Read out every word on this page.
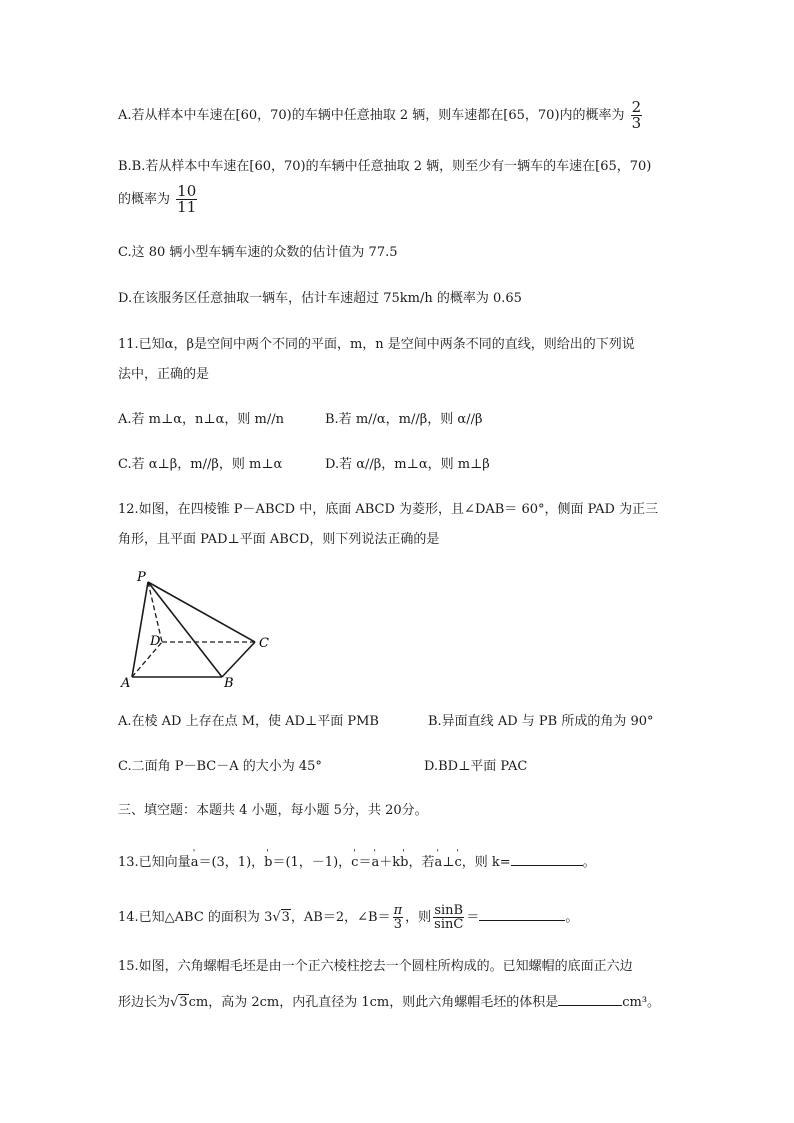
A.若从样本中车速在[60，70)的车辆中任意抽取 2 辆，则车速都在[65，70)内的概率为 $\frac{2}{3}$
B.B.若从样本中车速在[60，70)的车辆中任意抽取 2 辆，则至少有一辆车的车速在[65，70)
的概率为 $\frac{10}{11}$
C.这 80 辆小型车辆车速的众数的估计值为 77.5
D.在该服务区任意抽取一辆车，估计车速超过 75km/h 的概率为 0.65
11.已知α，β是空间中两个不同的平面，m，n 是空间中两条不同的直线，则给出的下列说
法中，正确的是
A.若 m⊥α，n⊥α，则 m//n	B.若 m//α，m//β，则 α//β
C.若 α⊥β，m//β，则 m⊥α	D.若 α//β，m⊥α，则 m⊥β
12.如图，在四棱锥 P－ABCD 中，底面 ABCD 为菱形，且∠DAB＝ 60°，侧面 PAD 为正三
角形，且平面 PAD⊥平面 ABCD，则下列说法正确的是
P
D	C
A	B
A.在棱 AD 上存在点 M，使 AD⊥平面 PMB	B.异面直线 AD 与 PB 所成的角为 90°
C.二面角 P－BC－A 的大小为 45°	D.BD⊥平面 PAC
三、填空题：本题共 4 小题，每小题 5分，共 20分。
13.已知向量' a＝(3，1)，' b＝(1，－1)，' c＝' a＋k' b，若' a⊥' c，则 k=	。
14.已知△ABC 的面积为 3√3，AB＝2，∠B＝ $\frac{\pi}{3}$ ，则 $\frac{\sin B}{\sin C}$ ＝	。
15.如图，六角螺帽毛坯是由一个正六棱柱挖去一个圆柱所构成的。已知螺帽的底面正六边
形边长为√3cm，高为 2cm，内孔直径为 1cm，则此六角螺帽毛坯的体积是	cm³。
